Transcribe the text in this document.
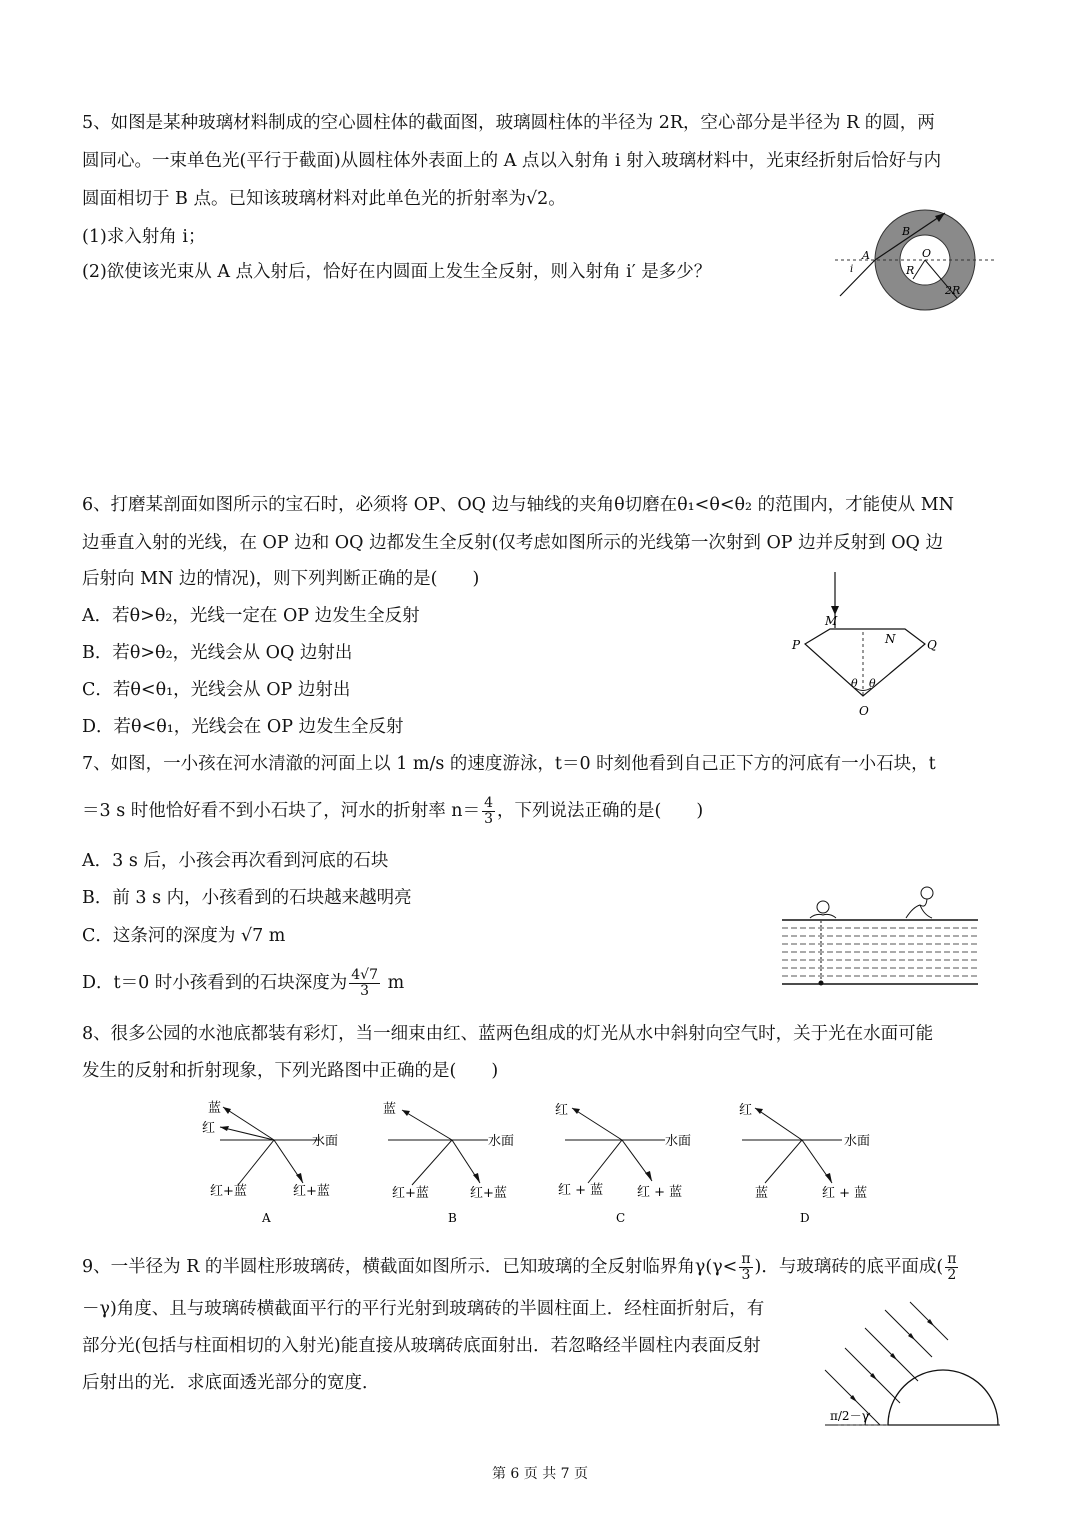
5、如图是某种玻璃材料制成的空心圆柱体的截面图，玻璃圆柱体的半径为 2R，空心部分是半径为 R 的圆，两
圆同心。一束单色光(平行于截面)从圆柱体外表面上的 A 点以入射角 i 射入玻璃材料中，光束经折射后恰好与内
圆面相切于 B 点。已知该玻璃材料对此单色光的折射率为√2。
(1)求入射角 i；
(2)欲使该光束从 A 点入射后，恰好在内圆面上发生全反射，则入射角 i′ 是多少？
A
B
O
R
2R
i
6、打磨某剖面如图所示的宝石时，必须将 OP、OQ 边与轴线的夹角θ切磨在θ₁<θ<θ₂ 的范围内，才能使从 MN
边垂直入射的光线，在 OP 边和 OQ 边都发生全反射(仅考虑如图所示的光线第一次射到 OP 边并反射到 OQ 边
后射向 MN 边的情况)，则下列判断正确的是(　　)
A．若θ>θ₂，光线一定在 OP 边发生全反射
B．若θ>θ₂，光线会从 OQ 边射出
C．若θ<θ₁，光线会从 OP 边射出
D．若θ<θ₁，光线会在 OP 边发生全反射
M
N
P	Q
O
θ θ
7、如图，一小孩在河水清澈的河面上以 1 m/s 的速度游泳，t＝0 时刻他看到自己正下方的河底有一小石块，t
＝3 s 时他恰好看不到小石块了，河水的折射率 $n= \frac{4}{3}$ ，下列说法正确的是(　　)
A．3 s 后，小孩会再次看到河底的石块
B．前 3 s 内，小孩看到的石块越来越明亮
C．这条河的深度为 √7 m
D．t＝0 时小孩看到的石块深度为 $\frac{4√7}{3}$ m
8、很多公园的水池底都装有彩灯，当一细束由红、蓝两色组成的灯光从水中斜射向空气时，关于光在水面可能
发生的反射和折射现象，下列光路图中正确的是(　　)
蓝
红
水面
红+蓝	红+蓝
A
蓝
水面
红+蓝	红+蓝
B
红
水面
红 + 蓝	红 + 蓝
C
红
水面
蓝	红 + 蓝
D
9、一半径为 R 的半圆柱形玻璃砖，横截面如图所示．已知玻璃的全反射临界角$\gamma(\gamma< \frac{\pi}{3}$ )．与玻璃砖的底平面成( $\frac{\pi}{2}$
－γ)角度、且与玻璃砖横截面平行的平行光射到玻璃砖的半圆柱面上．经柱面折射后，有
部分光(包括与柱面相切的入射光)能直接从玻璃砖底面射出．若忽略经半圆柱内表面反射
后射出的光．求底面透光部分的宽度．
π/2－γ
第 6 页 共 7 页
